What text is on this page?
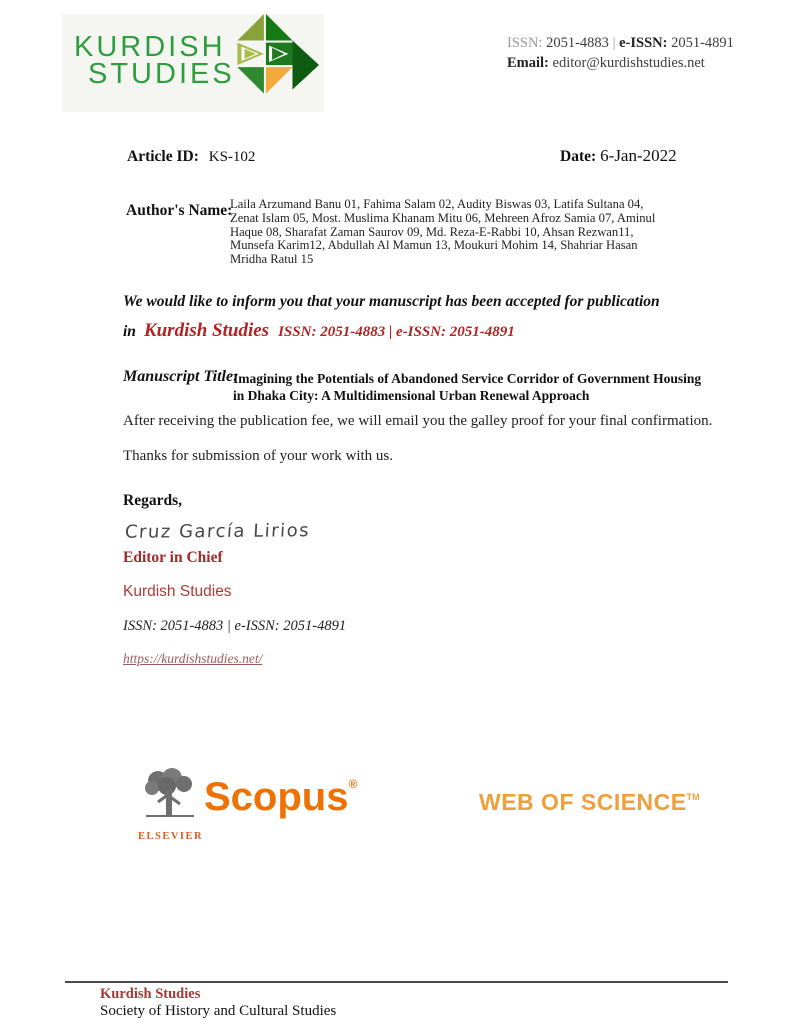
KURDISH
STUDIES
ISSN: 2051-4883 | e-ISSN: 2051-4891
Email: editor@kurdishstudies.net
Article ID: KS-102	Date: 6-Jan-2022
Author's Name:
Laila Arzumand Banu 01, Fahima Salam 02, Audity Biswas 03, Latifa Sultana 04, Zenat Islam 05, Most. Muslima Khanam Mitu 06, Mehreen Afroz Samia 07, Aminul Haque 08, Sharafat Zaman Saurov 09, Md. Reza-E-Rabbi 10, Ahsan Rezwan11, Munsefa Karim12, Abdullah Al Mamun 13, Moukuri Mohim 14, Shahriar Hasan Mridha Ratul 15
We would like to inform you that your manuscript has been accepted for publication
in Kurdish Studies ISSN: 2051-4883 | e-ISSN: 2051-4891
Manuscript Title:
Imagining the Potentials of Abandoned Service Corridor of Government Housing in Dhaka City: A Multidimensional Urban Renewal Approach
After receiving the publication fee, we will email you the galley proof for your final confirmation.
Thanks for submission of your work with us.
Regards,
Cruz García Lirios
Editor in Chief
Kurdish Studies
ISSN: 2051-4883 | e-ISSN: 2051-4891
https://kurdishstudies.net/
ELSEVIER
Scopus®
WEB OF SCIENCE™
Kurdish Studies
Society of History and Cultural Studies
